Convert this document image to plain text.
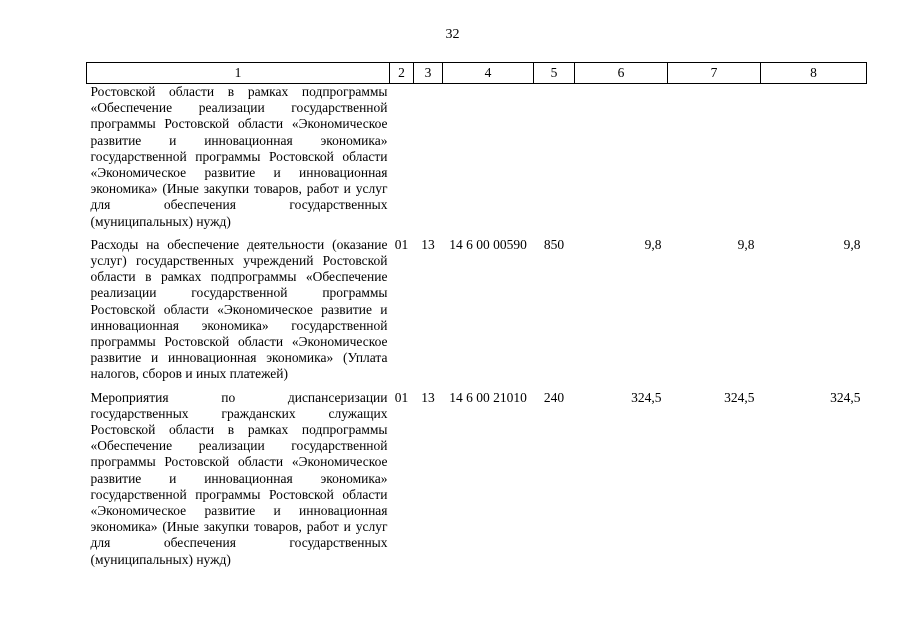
32
1	2	3	4	5	6	7	8
Ростовской области в рамках подпрограммы «Обеспечение реализации государственной программы Ростовской области «Экономическое развитие и инновационная экономика» государственной программы Ростовской области «Экономическое развитие и инновационная экономика» (Иные закупки товаров, работ и услуг для обеспечения государственных (муниципальных) нужд)							
Расходы на обеспечение деятельности (оказание услуг) государственных учреждений Ростовской области в рамках подпрограммы «Обеспечение реализации государственной программы Ростовской области «Экономическое развитие и инновационная экономика» государственной программы Ростовской области «Экономическое развитие и инновационная экономика» (Уплата налогов, сборов и иных платежей)	01	13	14 6 00 00590	850	9,8	9,8	9,8
Мероприятия по диспансеризации государственных гражданских служащих Ростовской области в рамках подпрограммы «Обеспечение реализации государственной программы Ростовской области «Экономическое развитие и инновационная экономика» государственной программы Ростовской области «Экономическое развитие и инновационная экономика» (Иные закупки товаров, работ и услуг для обеспечения государственных (муниципальных) нужд)	01	13	14 6 00 21010	240	324,5	324,5	324,5
